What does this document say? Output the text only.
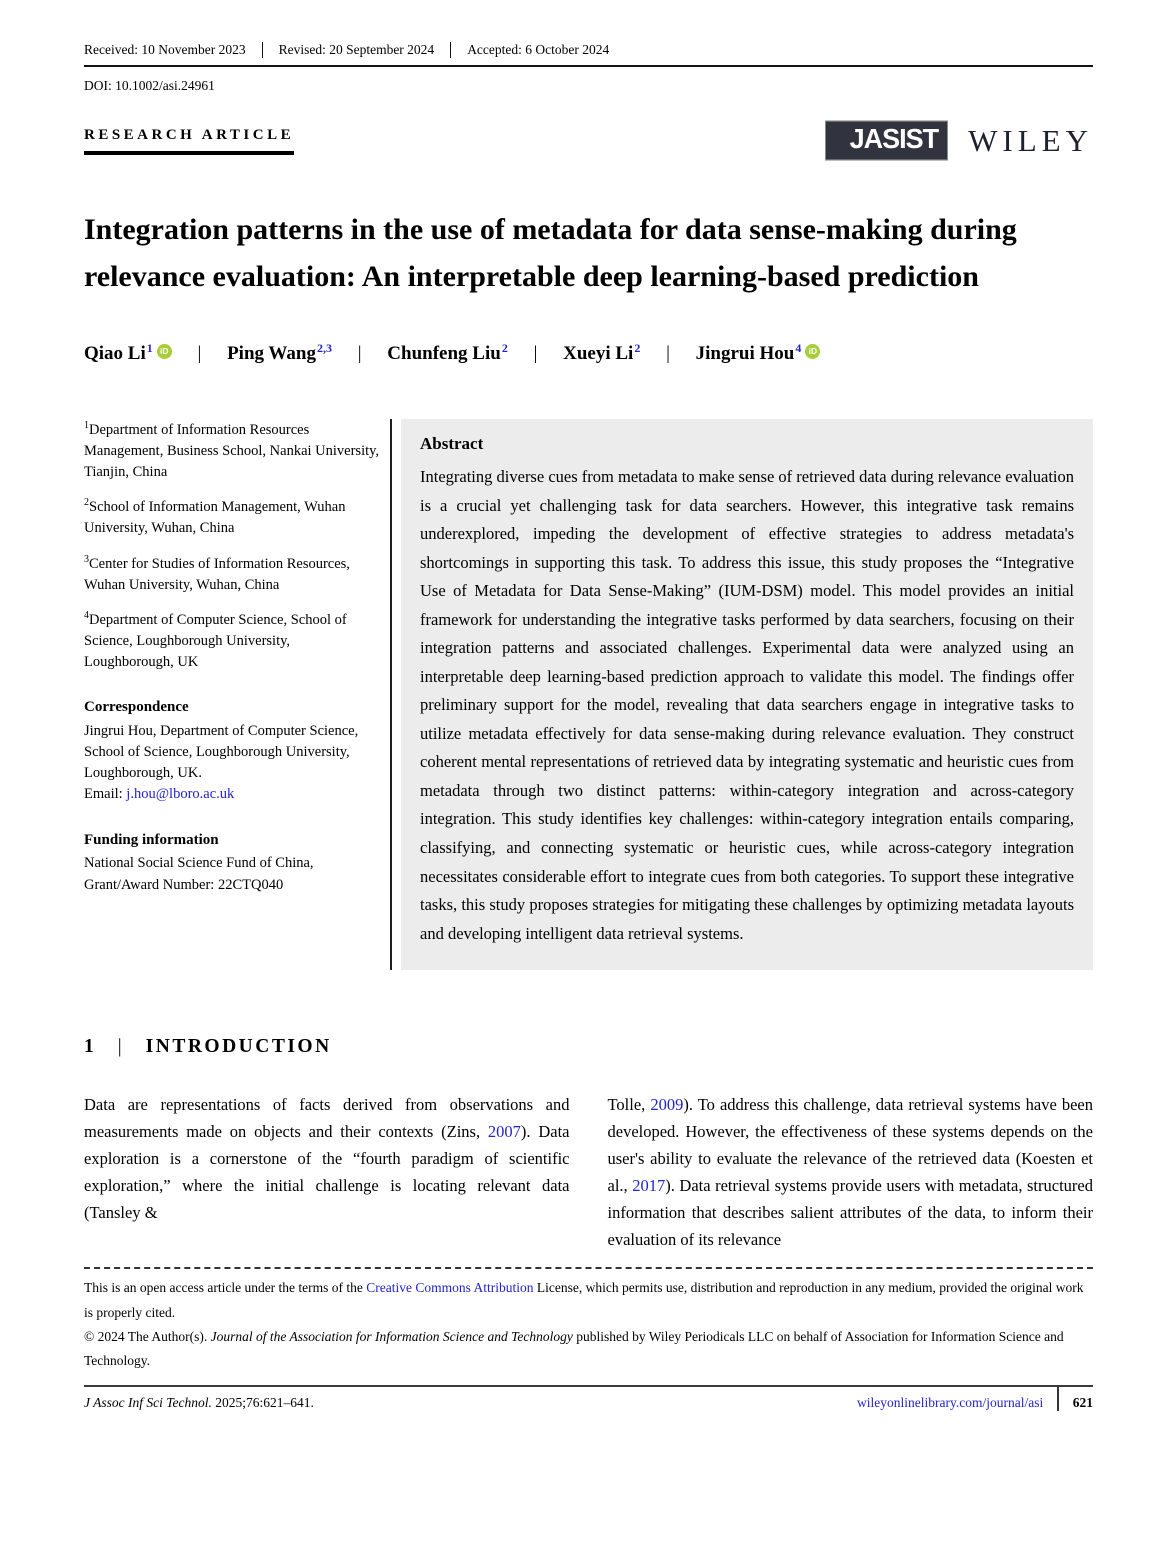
Received: 10 November 2023	Revised: 20 September 2024	Accepted: 6 October 2024
DOI: 10.1002/asi.24961
RESEARCH ARTICLE	JASIST WILEY
Integration patterns in the use of metadata for data sense-making during relevance evaluation: An interpretable deep learning-based prediction
Qiao Li$^1$ iD | Ping Wang$^{2,3}$ | Chunfeng Liu$^2$ | Xueyi Li$^2$ | Jingrui Hou$^4$ iD

$^1$Department of Information Resources Management, Business School, Nankai University, Tianjin, China

$^2$School of Information Management, Wuhan University, Wuhan, China

$^3$Center for Studies of Information Resources, Wuhan University, Wuhan, China

$^4$Department of Computer Science, School of Science, Loughborough University, Loughborough, UK

Correspondence
Jingrui Hou, Department of Computer Science, School of Science, Loughborough University, Loughborough, UK.
Email: j.hou@lboro.ac.uk
Funding information
National Social Science Fund of China, Grant/Award Number: 22CTQ040
Abstract
Integrating diverse cues from metadata to make sense of retrieved data during relevance evaluation is a crucial yet challenging task for data searchers. However, this integrative task remains underexplored, impeding the development of effective strategies to address metadata's shortcomings in supporting this task. To address this issue, this study proposes the “Integrative Use of Metadata for Data Sense-Making” (IUM-DSM) model. This model provides an initial framework for understanding the integrative tasks performed by data searchers, focusing on their integration patterns and associated challenges. Experimental data were analyzed using an interpretable deep learning-based prediction approach to validate this model. The findings offer preliminary support for the model, revealing that data searchers engage in integrative tasks to utilize metadata effectively for data sense-making during relevance evaluation. They construct coherent mental representations of retrieved data by integrating systematic and heuristic cues from metadata through two distinct patterns: within-category integration and across-category integration. This study identifies key challenges: within-category integration entails comparing, classifying, and connecting systematic or heuristic cues, while across-category integration necessitates considerable effort to integrate cues from both categories. To support these integrative tasks, this study proposes strategies for mitigating these challenges by optimizing metadata layouts and developing intelligent data retrieval systems.
1 | INTRODUCTION
Data are representations of facts derived from observations and measurements made on objects and their contexts (Zins, 2007). Data exploration is a cornerstone of the “fourth paradigm of scientific exploration,” where the initial challenge is locating relevant data (Tansley &
Tolle, 2009). To address this challenge, data retrieval systems have been developed. However, the effectiveness of these systems depends on the user's ability to evaluate the relevance of the retrieved data (Koesten et al., 2017). Data retrieval systems provide users with metadata, structured information that describes salient attributes of the data, to inform their evaluation of its relevance
This is an open access article under the terms of the Creative Commons Attribution License, which permits use, distribution and reproduction in any medium, provided the original work is properly cited.
© 2024 The Author(s). Journal of the Association for Information Science and Technology published by Wiley Periodicals LLC on behalf of Association for Information Science and Technology.
J Assoc Inf Sci Technol. 2025;76:621–641.	wileyonlinelibrary.com/journal/asi 621
